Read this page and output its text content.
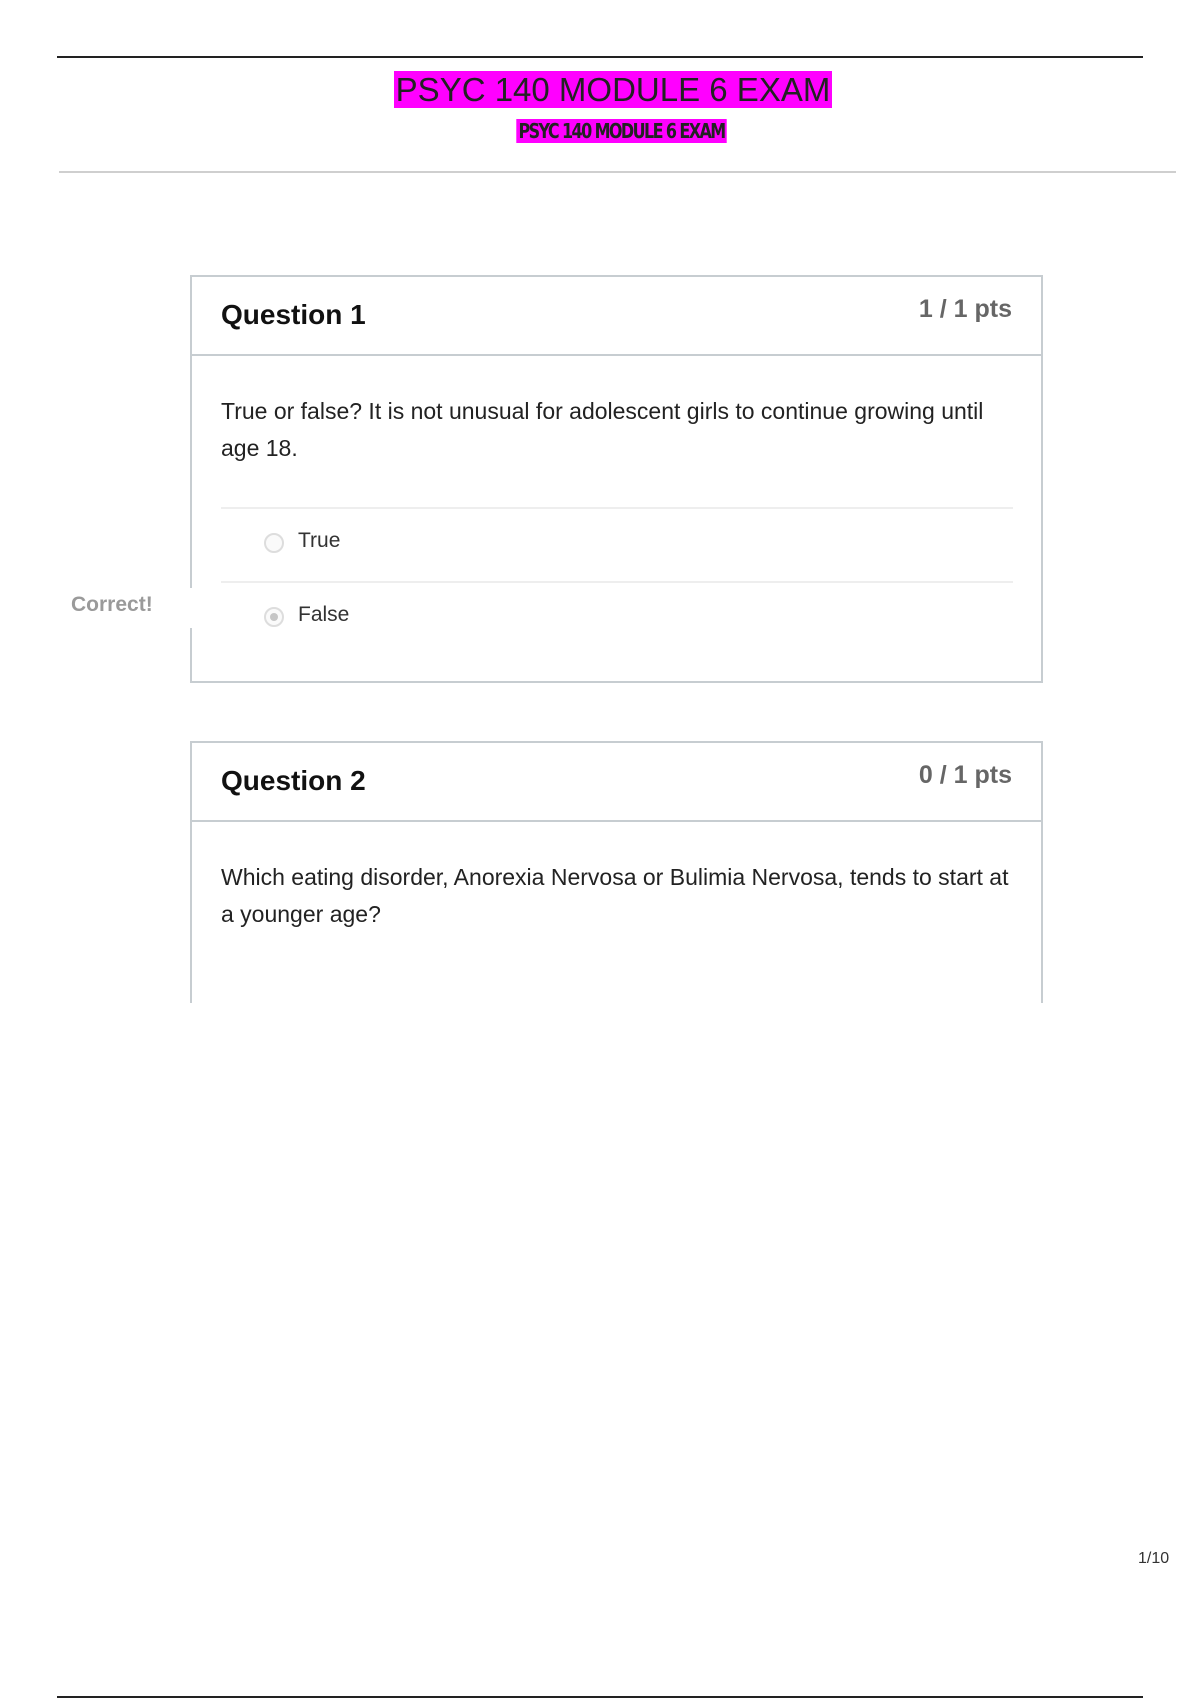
PSYC 140 MODULE 6 EXAM
PSYC 140 MODULE 6 EXAM
Question 1	1 / 1 pts
True or false? It is not unusual for adolescent girls to continue growing until age 18.
True
False
Correct!
Question 2	0 / 1 pts
Which eating disorder, Anorexia Nervosa or Bulimia Nervosa, tends to start at a younger age?
1/10
